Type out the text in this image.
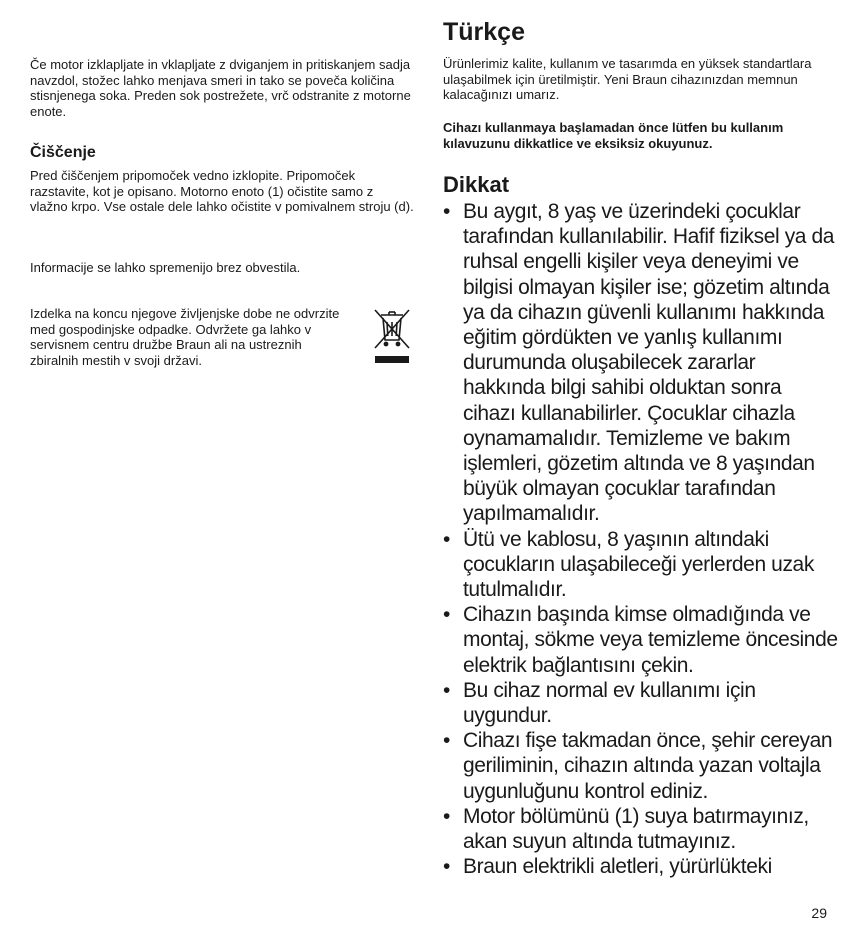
Če motor izklapljate in vklapljate z dviganjem in pritiskanjem sadja navzdol, stožec lahko menjava smeri in tako se poveča količina stisnjenega soka. Preden sok postrežete, vrč odstranite z motorne enote.

Čiščenje

Pred čiščenjem pripomoček vedno izklopite. Pripomoček razstavite, kot je opisano. Motorno enoto (1) očistite samo z vlažno krpo. Vse ostale dele lahko očistite v pomivalnem stroju (d).

Informacije se lahko spremenijo brez obvestila.

Izdelka na koncu njegove življenjske dobe ne odvrzite med gospodinjske odpadke. Odvržete ga lahko v servisnem centru družbe Braun ali na ustreznih zbiralnih mestih v svoji državi.

Türkçe

Ürünlerimiz kalite, kullanım ve tasarımda en yüksek standartlara ulaşabilmek için üretilmiştir. Yeni Braun cihazınızdan memnun kalacağınızı umarız.

Cihazı kullanmaya başlamadan önce lütfen bu kullanım kılavuzunu dikkatlice ve eksiksiz okuyunuz.

Dikkat
• Bu aygıt, 8 yaş ve üzerindeki çocuklar tarafından kullanılabilir. Hafif fiziksel ya da ruhsal engelli kişiler veya deneyimi ve bilgisi olmayan kişiler ise; gözetim altında ya da cihazın güvenli kullanımı hakkında eğitim gördükten ve yanlış kullanımı durumunda oluşabilecek zararlar hakkında bilgi sahibi olduktan sonra cihazı kullanabilirler. Çocuklar cihazla oynamamalıdır. Temizleme ve bakım işlemleri, gözetim altında ve 8 yaşından büyük olmayan çocuklar tarafından yapılmamalıdır.
• Ütü ve kablosu, 8 yaşının altındaki çocukların ulaşabileceği yerlerden uzak tutulmalıdır.
• Cihazın başında kimse olmadığında ve montaj, sökme veya temizleme öncesinde elektrik bağlantısını çekin.
• Bu cihaz normal ev kullanımı için uygundur.
• Cihazı fişe takmadan önce, şehir cereyan geriliminin, cihazın altında yazan voltajla uygunluğunu kontrol ediniz.
• Motor bölümünü (1) suya batırmayınız, akan suyun altında tutmayınız.
• Braun elektrikli aletleri, yürürlükteki

29
